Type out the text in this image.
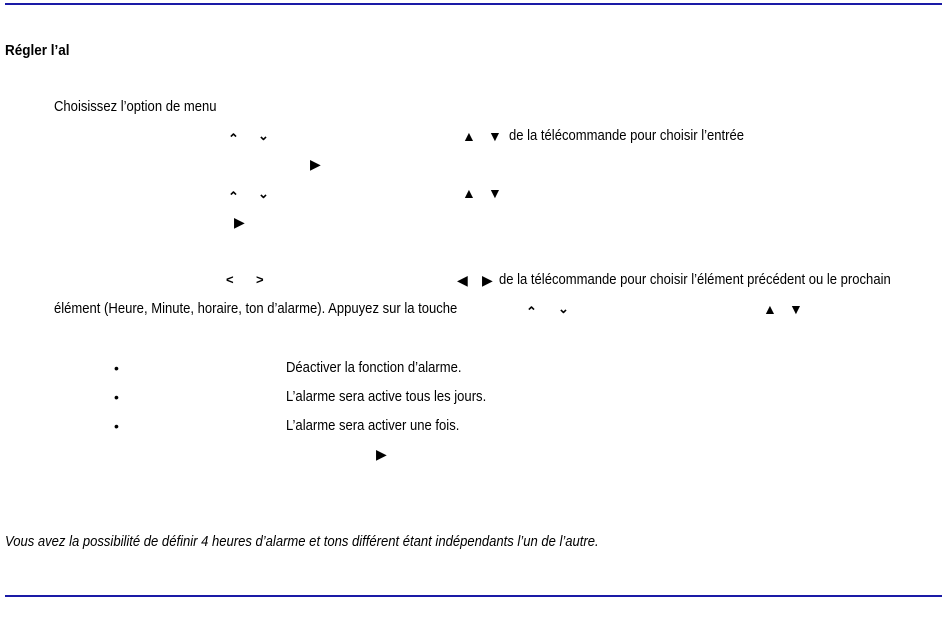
Régler l’al
Choisissez l’option de menu
⌃ ⌄	▲ ▼ de la télécommande pour choisir l’entrée
▶
⌃ ⌄	▲ ▼
▶
< >	◀ ▶ de la télécommande pour choisir l’élément précédent ou le prochain
élément (Heure, Minute, horaire, ton d’alarme). Appuyez sur la touche	⌃ ⌄	▲ ▼
•	Déactiver la fonction d’alarme.
•	L’alarme sera active tous les jours.
•	L’alarme sera activer une fois.
▶
Vous avez la possibilité de définir 4 heures d’alarme et tons différent étant indépendants l’un de l’autre.
